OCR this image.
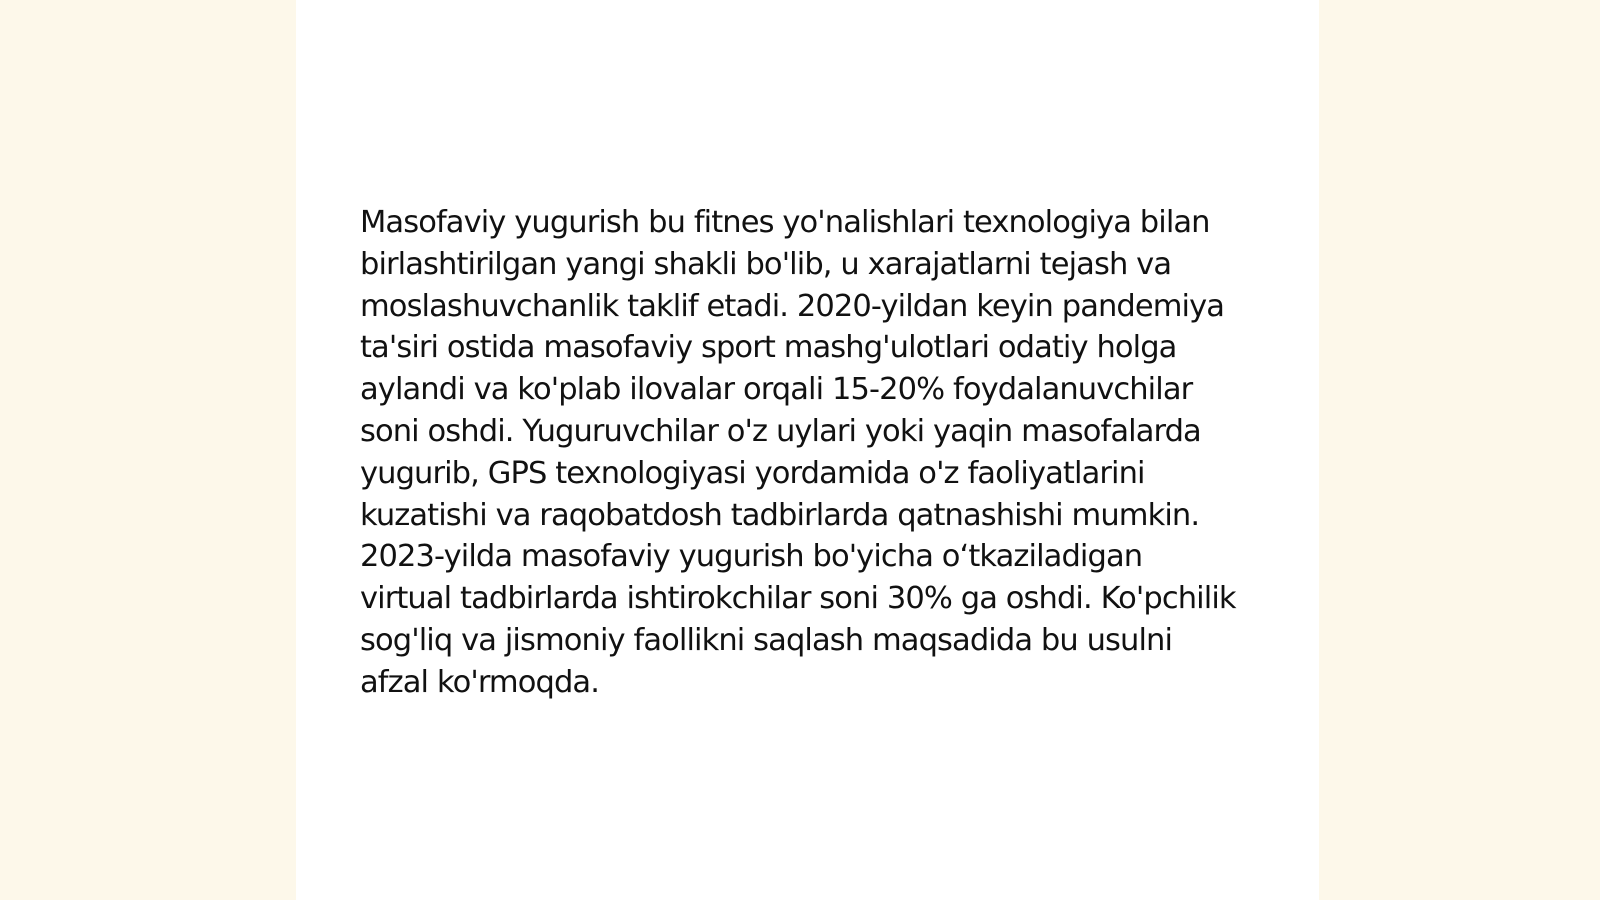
Masofaviy yugurish bu fitnes yo'nalishlari texnologiya bilan birlashtirilgan yangi shakli bo'lib, u xarajatlarni tejash va moslashuvchanlik taklif etadi. 2020-yildan keyin pandemiya ta'siri ostida masofaviy sport mashg'ulotlari odatiy holga aylandi va ko'plab ilovalar orqali 15-20% foydalanuvchilar soni oshdi. Yuguruvchilar o'z uylari yoki yaqin masofalarda yugurib, GPS texnologiyasi yordamida o'z faoliyatlarini kuzatishi va raqobatdosh tadbirlarda qatnashishi mumkin. 2023-yilda masofaviy yugurish bo'yicha o‘tkaziladigan virtual tadbirlarda ishtirokchilar soni 30% ga oshdi. Ko'pchilik sog'liq va jismoniy faollikni saqlash maqsadida bu usulni afzal ko'rmoqda.
